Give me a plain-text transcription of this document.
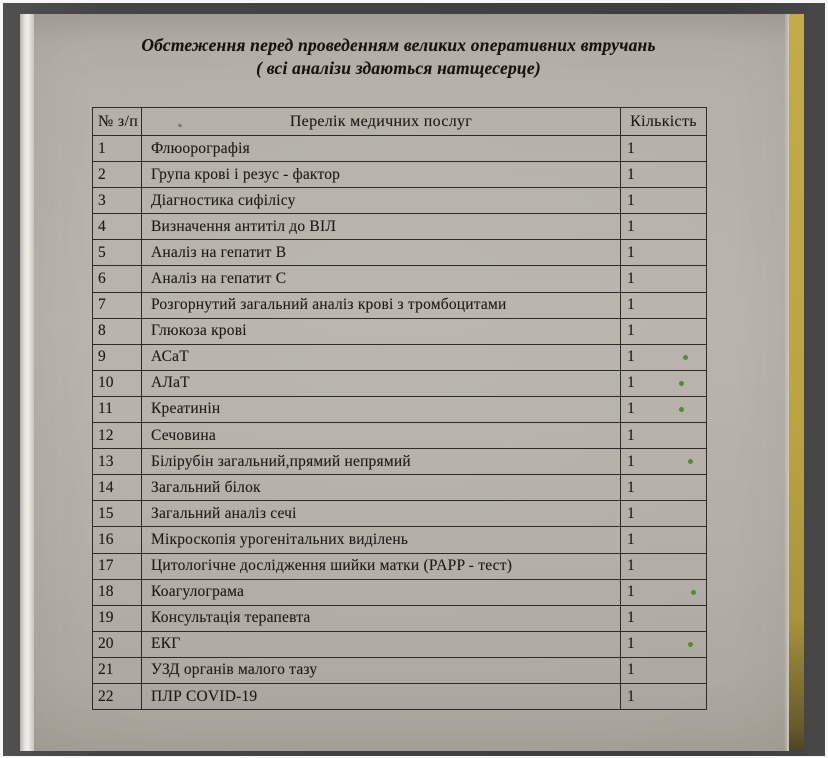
Обстеження перед проведенням великих оперативних втручань
( всі аналізи здаються натщесерце)
№ з/п	Перелік медичних послуг	Кількість
1	Флюорографія	1
2	Група крові і резус - фактор	1
3	Діагностика сифілісу	1
4	Визначення антитіл до ВІЛ	1
5	Аналіз на гепатит В	1
6	Аналіз на гепатит С	1
7	Розгорнутий загальний аналіз крові з тромбоцитами	1
8	Глюкоза крові	1
9	АСаТ	1

10	АЛаТ	1

11	Креатинін	1

12	Сечовина	1
13	Білірубін загальний,прямий непрямий	1

14	Загальний білок	1
15	Загальний аналіз сечі	1
16	Мікроскопія урогенітальних виділень	1
17	Цитологічне дослідження шийки матки (PAPP - тест)	1
18	Коагулограма	1

19	Консультація терапевта	1
20	ЕКГ	1

21	УЗД органів малого тазу	1
22	ПЛР COVID-19	1
